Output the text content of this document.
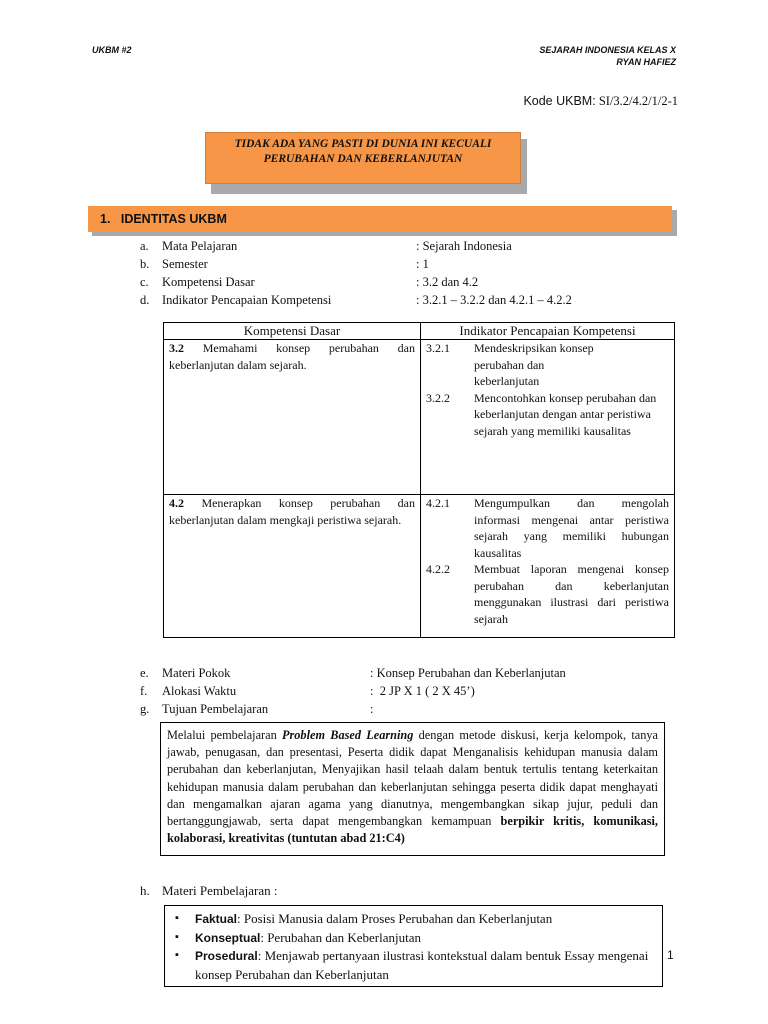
UKBM #2	SEJARAH INDONESIA KELAS X
RYAN HAFIEZ
Kode UKBM: SI/3.2/4.2/1/2-1
TIDAK ADA YANG PASTI DI DUNIA INI KECUALI
PERUBAHAN DAN KEBERLANJUTAN
1.   IDENTITAS UKBM
a. Mata Pelajaran	: Sejarah Indonesia
b. Semester	: 1
c. Kompetensi Dasar	: 3.2 dan 4.2
d. Indikator Pencapaian Kompetensi	: 3.2.1 – 3.2.2 dan 4.2.1 – 4.2.2
Kompetensi Dasar	Indikator Pencapaian Kompetensi
3.2 Memahami konsep perubahan dan keberlanjutan dalam sejarah.	3.2.1 Mendeskripsikan konsep perubahan dan keberlanjutan
3.2.2 Mencontohkan konsep perubahan dan keberlanjutan dengan antar peristiwa sejarah yang memiliki kausalitas

4.2 Menerapkan konsep perubahan dan keberlanjutan dalam mengkaji peristiwa sejarah.	4.2.1 Mengumpulkan dan mengolah informasi mengenai antar peristiwa sejarah yang memiliki hubungan kausalitas
4.2.2 Membuat laporan mengenai konsep perubahan dan keberlanjutan menggunakan ilustrasi dari peristiwa sejarah
e. Materi Pokok	: Konsep Perubahan dan Keberlanjutan
f. Alokasi Waktu	:  2 JP X 1 ( 2 X 45’)
g. Tujuan Pembelajaran	:
Melalui pembelajaran Problem Based Learning dengan metode diskusi, kerja kelompok, tanya jawab, penugasan, dan presentasi, Peserta didik dapat Menganalisis kehidupan manusia dalam perubahan dan keberlanjutan, Menyajikan hasil telaah dalam bentuk tertulis tentang keterkaitan kehidupan manusia dalam perubahan dan keberlanjutan sehingga peserta didik dapat menghayati dan mengamalkan ajaran agama yang dianutnya, mengembangkan sikap jujur, peduli dan bertanggungjawab, serta dapat mengembangkan kemampuan berpikir kritis, komunikasi, kolaborasi, kreativitas (tuntutan abad 21:C4)
h. Materi Pembelajaran :
▪ Faktual: Posisi Manusia dalam Proses Perubahan dan Keberlanjutan
▪ Konseptual: Perubahan dan Keberlanjutan
▪ Prosedural: Menjawab pertanyaan ilustrasi kontekstual dalam bentuk Essay mengenai konsep Perubahan dan Keberlanjutan
1
